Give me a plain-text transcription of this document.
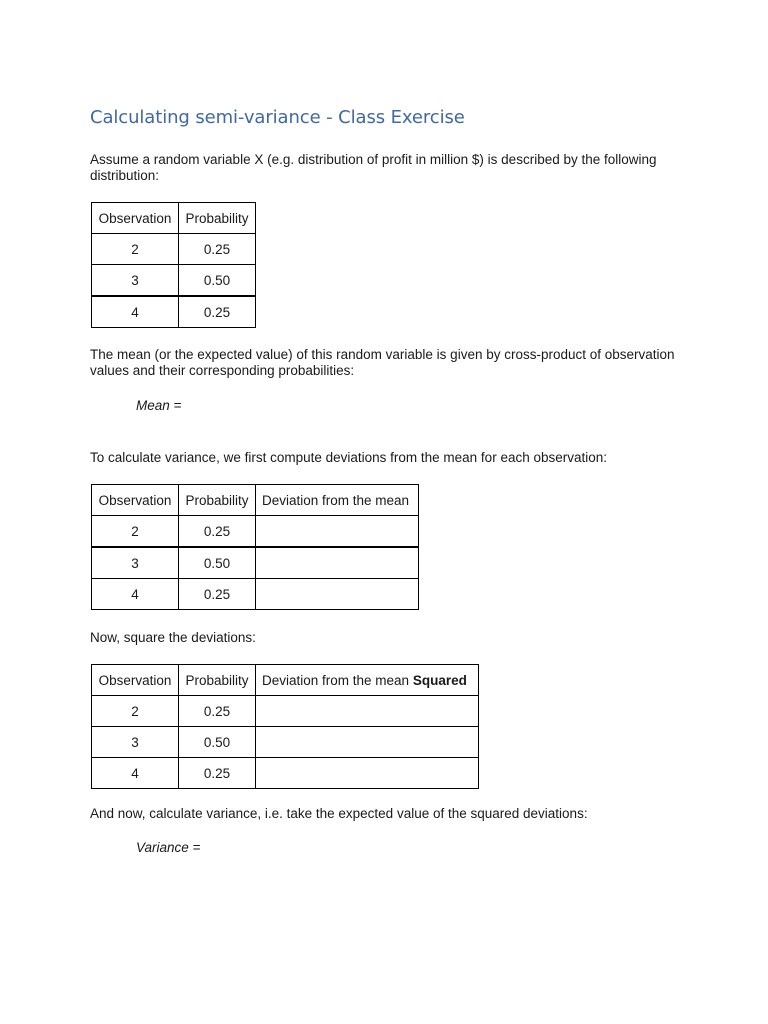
Calculating semi-variance - Class Exercise

Assume a random variable X (e.g. distribution of profit in million $) is described by the following distribution:

Observation	Probability
2	0.25
3	0.50
4	0.25

The mean (or the expected value) of this random variable is given by cross-product of observation values and their corresponding probabilities:

Mean =

To calculate variance, we first compute deviations from the mean for each observation:

Observation	Probability	Deviation from the mean
2	0.25	
3	0.50	
4	0.25	

Now, square the deviations:

Observation	Probability	Deviation from the mean Squared
2	0.25	
3	0.50	
4	0.25	

And now, calculate variance, i.e. take the expected value of the squared deviations:

Variance =
